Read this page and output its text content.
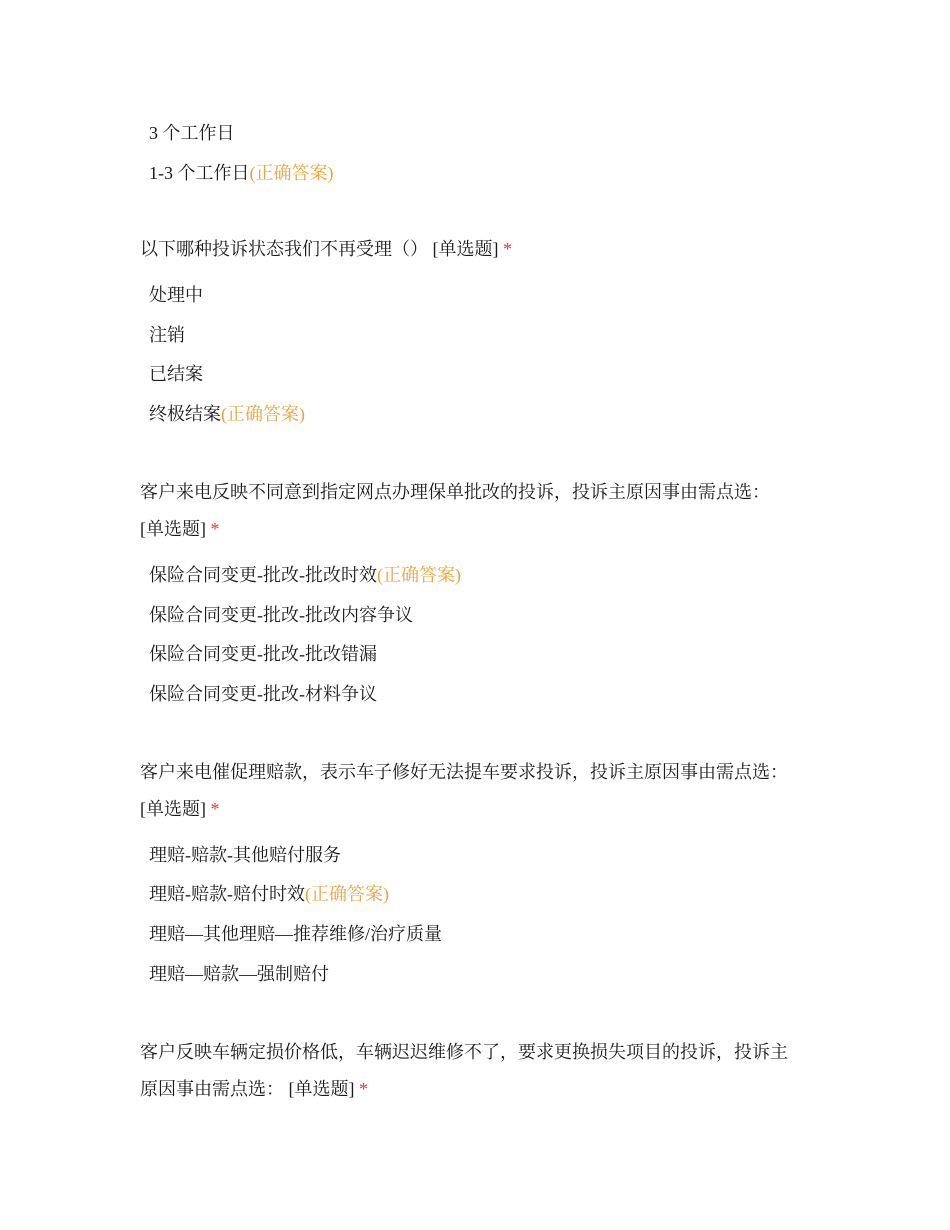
3 个工作日
1-3 个工作日(正确答案)
以下哪种投诉状态我们不再受理（） [单选题] *
处理中
注销
已结案
终极结案(正确答案)
客户来电反映不同意到指定网点办理保单批改的投诉，投诉主原因事由需点选：
[单选题] *
保险合同变更-批改-批改时效(正确答案)
保险合同变更-批改-批改内容争议
保险合同变更-批改-批改错漏
保险合同变更-批改-材料争议
客户来电催促理赔款，表示车子修好无法提车要求投诉，投诉主原因事由需点选：
[单选题] *
理赔-赔款-其他赔付服务
理赔-赔款-赔付时效(正确答案)
理赔—其他理赔—推荐维修/治疗质量
理赔—赔款—强制赔付
客户反映车辆定损价格低，车辆迟迟维修不了，要求更换损失项目的投诉，投诉主
原因事由需点选： [单选题] *
